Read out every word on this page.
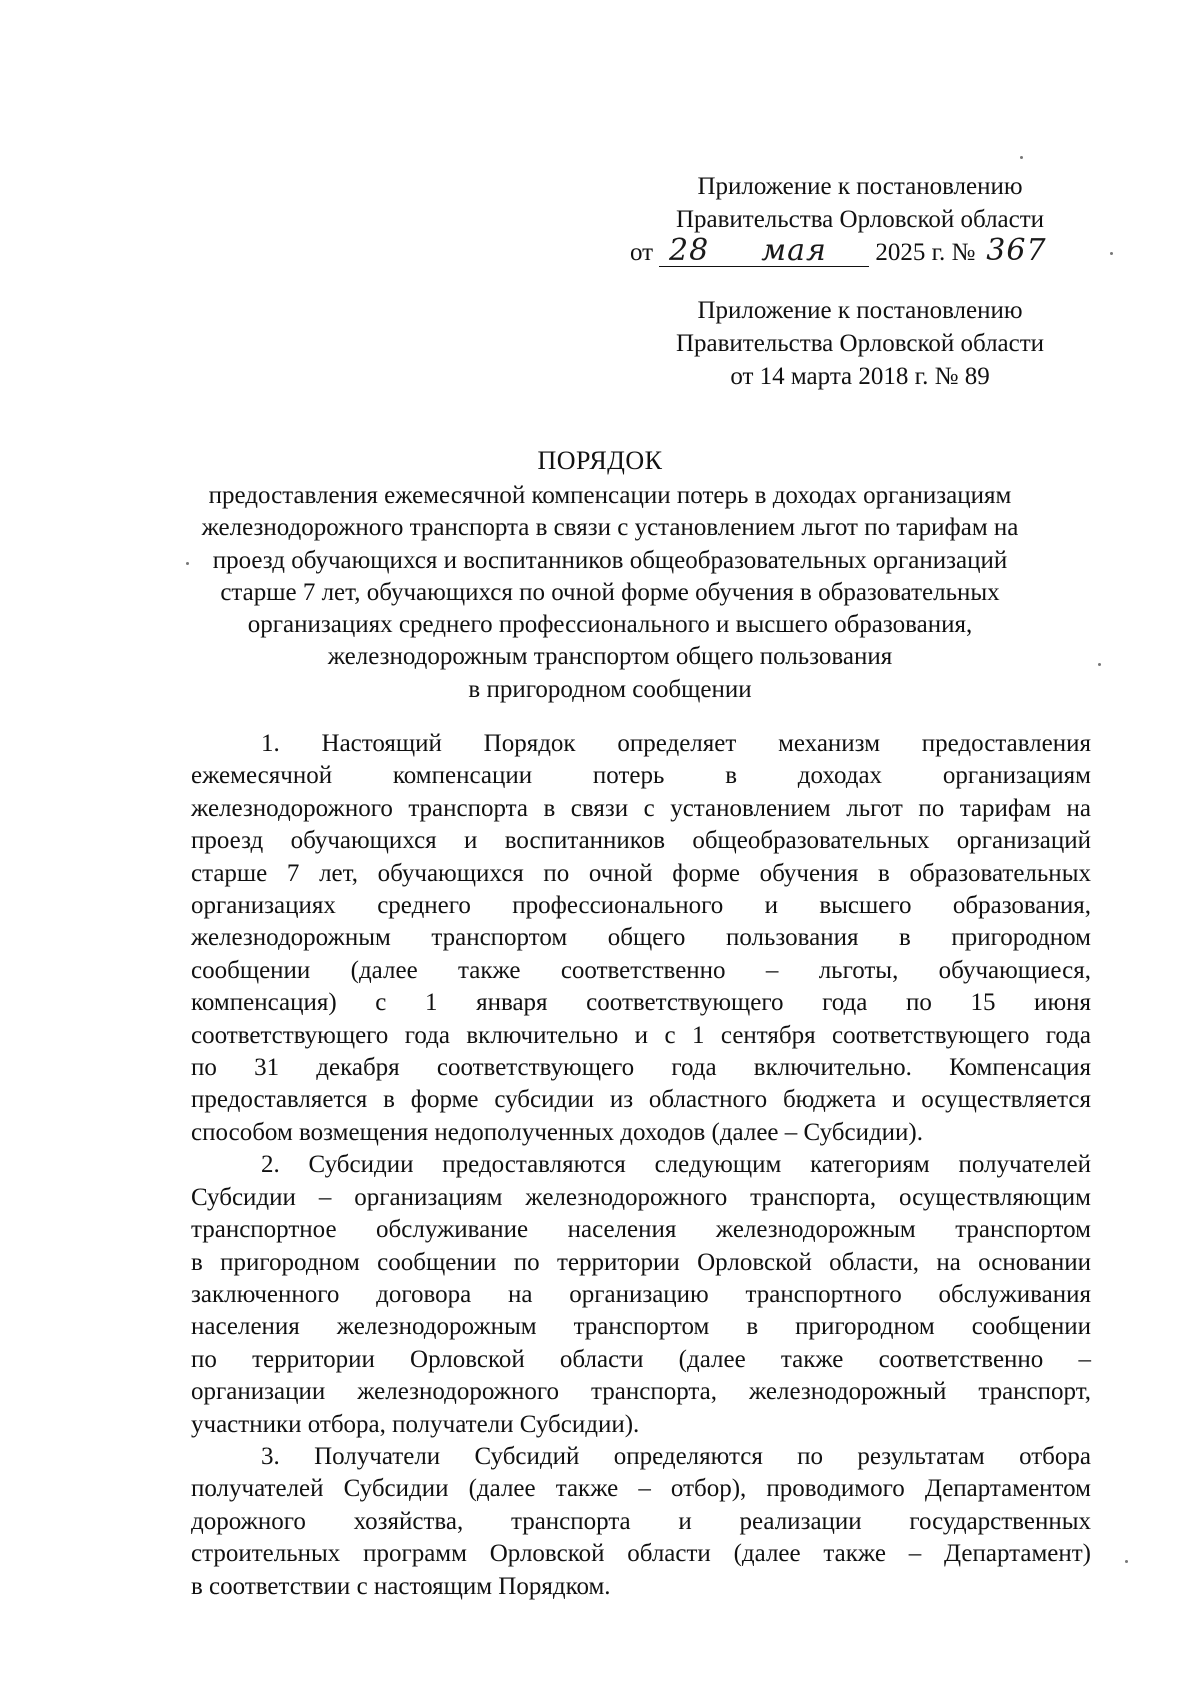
Приложение к постановлению
Правительства Орловской области
от 28 мая 2025 г. № 367
Приложение к постановлению
Правительства Орловской области
от 14 марта 2018 г. № 89
ПОРЯДОК
предоставления ежемесячной компенсации потерь в доходах организациям
железнодорожного транспорта в связи с установлением льгот по тарифам на
проезд обучающихся и воспитанников общеобразовательных организаций
старше 7 лет, обучающихся по очной форме обучения в образовательных
организациях среднего профессионального и высшего образования,
железнодорожным транспортом общего пользования
в пригородном сообщении
1. Настоящий Порядок определяет механизм предоставления
ежемесячной компенсации потерь в доходах организациям
железнодорожного транспорта в связи с установлением льгот по тарифам на
проезд обучающихся и воспитанников общеобразовательных организаций
старше 7 лет, обучающихся по очной форме обучения в образовательных
организациях среднего профессионального и высшего образования,
железнодорожным транспортом общего пользования в пригородном
сообщении (далее также соответственно – льготы, обучающиеся,
компенсация) с 1 января соответствующего года по 15 июня
соответствующего года включительно и с 1 сентября соответствующего года
по 31 декабря соответствующего года включительно. Компенсация
предоставляется в форме субсидии из областного бюджета и осуществляется
способом возмещения недополученных доходов (далее – Субсидии).
2. Субсидии предоставляются следующим категориям получателей
Субсидии – организациям железнодорожного транспорта, осуществляющим
транспортное обслуживание населения железнодорожным транспортом
в пригородном сообщении по территории Орловской области, на основании
заключенного договора на организацию транспортного обслуживания
населения железнодорожным транспортом в пригородном сообщении
по территории Орловской области (далее также соответственно –
организации железнодорожного транспорта, железнодорожный транспорт,
участники отбора, получатели Субсидии).
3. Получатели Субсидий определяются по результатам отбора
получателей Субсидии (далее также – отбор), проводимого Департаментом
дорожного хозяйства, транспорта и реализации государственных
строительных программ Орловской области (далее также – Департамент)
в соответствии с настоящим Порядком.
